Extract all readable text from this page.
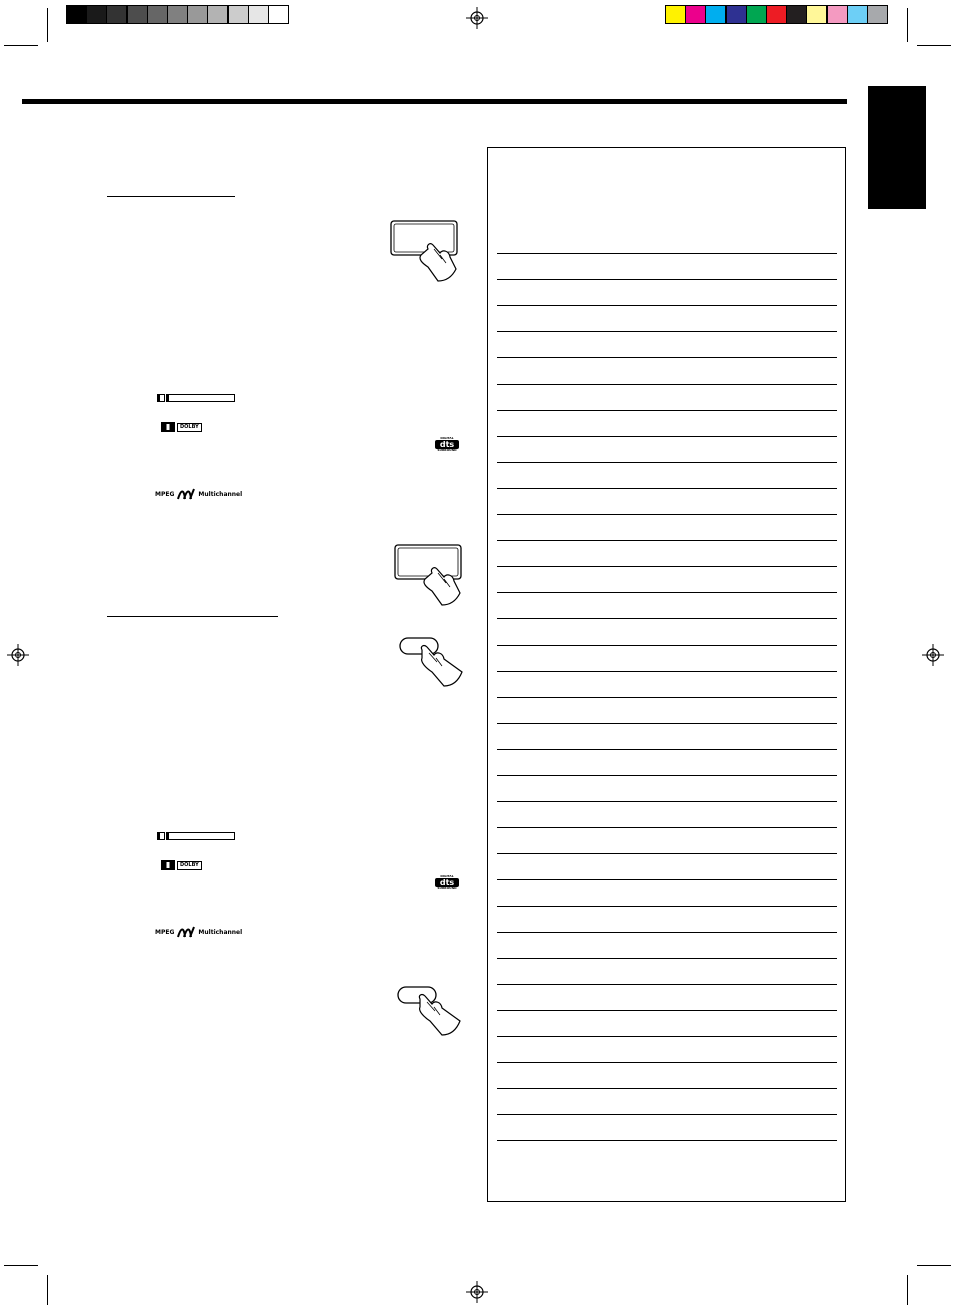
DOLBY
DIGITAL
dts
SURROUND
MPEG	Multichannel
DOLBY
DIGITAL
dts
SURROUND
MPEG	Multichannel
